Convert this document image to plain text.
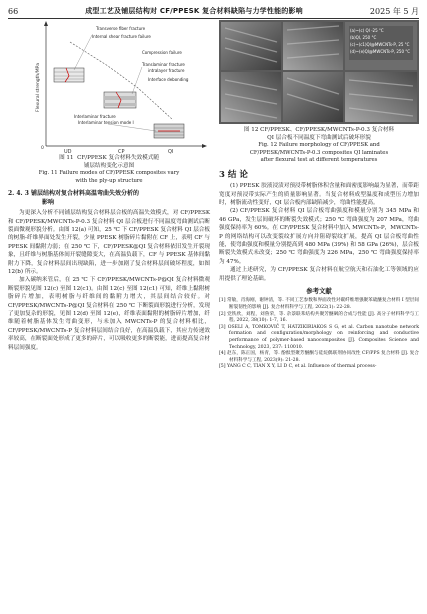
66	成型工艺及铺层结构对 CF/PPESK 复合材料缺陷与力学性能的影响	2025 年 5 月
Flexural strength/MPa
0
UD	CP	QI
Transverse fiber fracture
Internal shear fracture failure
Compression failure
Translaminar fracture
intralayer fracture
Interface debonding
Interlaminar fracture
Interlaminar tension mode I
图 11 CF/PPESK 复合材料失效模式随
铺层结构变化示意图
Fig. 11 Failure modes of CF/PPESK composites vary
with the ply-up structure
2. 4. 3 铺层结构对复合材料高温弯曲失效分析的
影响

为更深入分析不同铺层结构复合材料层合板的高温失效模式，对 CF/PPESK 和 CF/PPESK/MWCNTs-P-0.3 复合材料 QI 层合板进行不同温度弯曲测试后断裂面微观形貌分析。由图 12(a) 可知，25 ℃ 下 CF/PPESK 复合材料 QI 层合板的树脂-纤维界面处发生开裂，少量 PPESK 树脂碎片黏附在 CF 上，表明 CF 与 PPESK 间黏附力弱；在 250 ℃ 下，CF/PPESK@QI 复合材料依旧发生开裂现象，且纤维与树脂基体间开裂缝隙变大，在高温负载下，CF 与 PPESK 基体间黏附力下降，复合材料层间出现缺陷，进一步加剧了复合材料层间破坏程度，如图 12(b) 所示。

加入碳纳米管后，在 25 ℃ 下 CF/PPESK/MWCNTs-P@QI 复合材料微观断裂形貌见图 12(c) 至图 12(c1)。由图 12(c) 至图 12(c1) 可知，纤维上黏附树脂碎片增加，表明树脂与纤维间的黏附力增大，其层间结合较好。对 CF/PPESK/MWCNTs-P@QI 复合材料在 250 ℃ 下断裂面形貌进行分析，发现了更加复杂的形貌，见图 12(d) 至图 12(e)，纤维表面黏附的树脂碎片增加，纤维随着树脂基体发生弯曲变形，与未加入 MWCNTs-P 的复合材料相比，CF/PPESK/MWCNTs-P 复合材料层间结合良好，在高温负载下，其应力传递效率较高，在断裂面处形成了更多的碎片，可以吸收更多的断裂能，进而提高复合材料层间强度。

(a)~(c) QI -25 °C
(b)QI, 250 °C
(c)~(c1)QI@MWCNTs-P, 25 °C
(d)~(e)QI@MWCNTs-P, 250 °C
图 12 CF/PPESK、CF/PPESK/MWCNTs-P-0.3 复合材料
QI 层合板不同温度下弯曲测试后破坏形貌
Fig. 12 Failure morphology of CF/PPESK and
CF/PPESK/MWCNTs-P-0.3 composites QI laminates
after flexural test at different temperatures
3 结 论

(1) PPESK 胶液浸渍对预浸带树脂体积含量和面密度影响最为显著，而带距宽度对预浸带实际产生的质量影响显著。当复合材料成型温度和成型压力增加时，树脂流动性变好，QI 层合板内部缺陷减少，弯曲性能提高。

(2) CF/PPESK 复合材料 QI 层合板弯曲强度和模量分别为 345 MPa 和 46 GPa，发生层间破坏的断裂失效模式；250 ℃ 弯曲强度为 207 MPa，弯曲强度保持率为 60%。在 CF/PPESK 复合材料中加入 MWCNTs-P，MWCNTs-P 的网络结构可以改变裂纹扩展方向并阻碍裂纹扩展，提高 QI 层合板弯曲性能，使弯曲强度和模量分别提高到 480 MPa (39%) 和 58 GPa (26%)，层合板断裂失效模式未改变；250 ℃ 弯曲强度为 226 MPa，250 ℃ 弯曲强度保持率为 47%。

通过上述研究，为 CF/PPESK 复合材料在航空航天和石油化工等领域的应用提供了理论基础。

参考文献

[1] 常敏，肖海刚，谢钟清，等. 不同工艺参数和界面改性对碳纤维增强聚苯硫醚复合材料 I 型层间断裂韧性的影响 [J]. 复合材料科学与工程, 2022(1): 22-28.

[2] 党铁欣，刘程，刘鲁荣，等. 杂萘联苯结构共聚芳醚砜的合成与性能 [J]. 高分子材料科学与工程, 2022, 38(10): 1-7, 16.

[3] OSELI A, TOMKOVIČ T, HATZIKIRIAKOS S G, et al. Carbon nanotube network formation and configuration/morphology on reinforcing and conductive performance of polymer-based nanocomposites [J]. Composites Science and Technology, 2023, 237: 110010.

[4] 赵东，陈正国，杨青，等. 酚酞型聚芳醚酮与硅烷偶联剂协同改性 CF/PPS 复合材料 [J]. 复合材料科学与工程, 2023(9): 21-28.

[5] YANG C C, TIAN X Y, LI D C, et al. Influence of thermal process-
